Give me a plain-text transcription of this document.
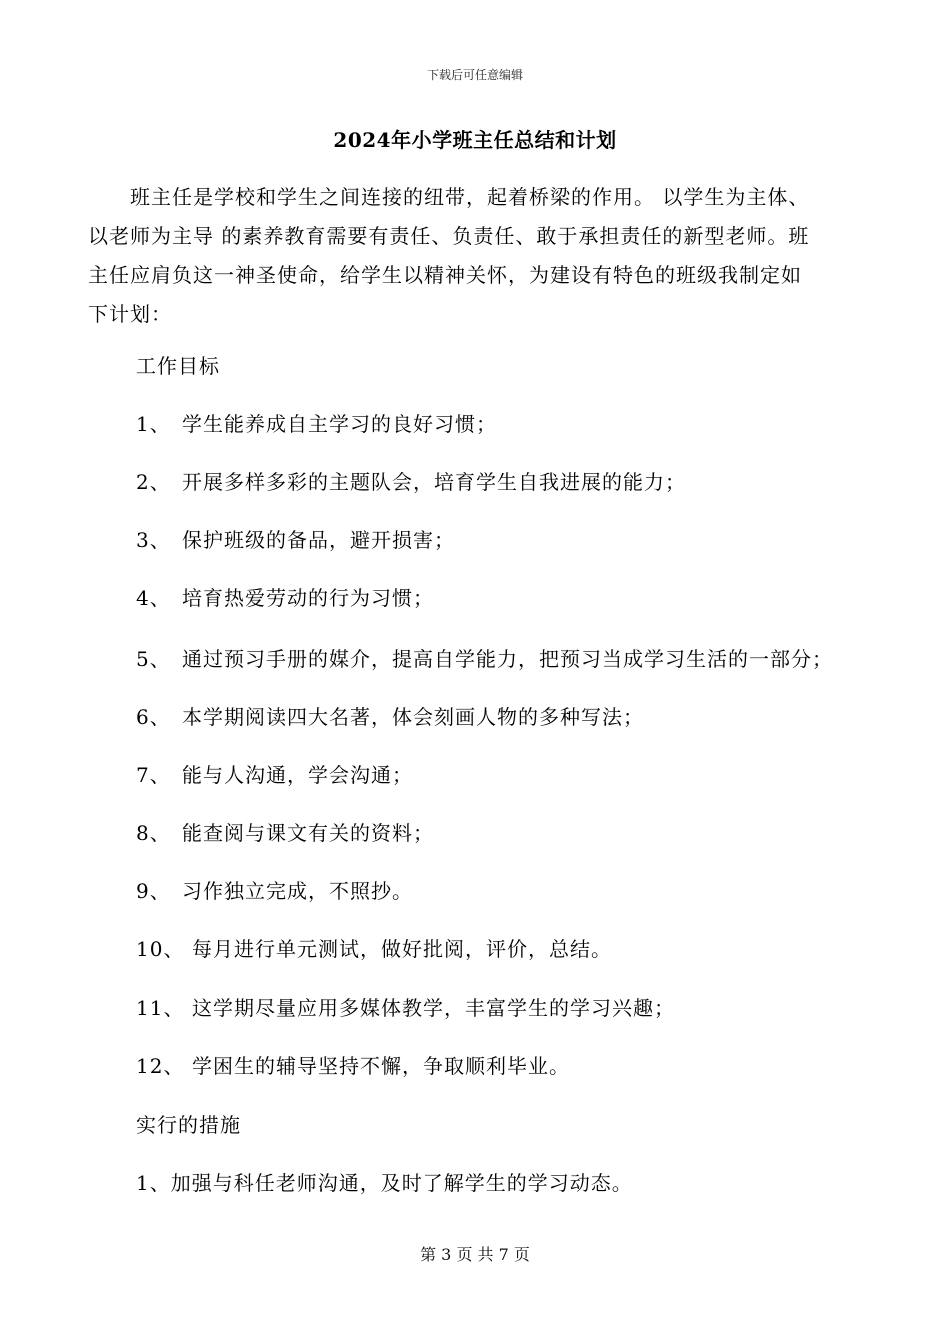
下载后可任意编辑
2024年小学班主任总结和计划
　　班主任是学校和学生之间连接的纽带，起着桥梁的作用。 以学生为主体、
以老师为主导 的素养教育需要有责任、负责任、敢于承担责任的新型老师。班
主任应肩负这一神圣使命，给学生以精神关怀，为建设有特色的班级我制定如
下计划：

工作目标

1、 学生能养成自主学习的良好习惯；

2、 开展多样多彩的主题队会，培育学生自我进展的能力；

3、 保护班级的备品，避开损害；

4、 培育热爱劳动的行为习惯；

5、 通过预习手册的媒介，提高自学能力，把预习当成学习生活的一部分；

6、 本学期阅读四大名著，体会刻画人物的多种写法；

7、 能与人沟通，学会沟通；

8、 能查阅与课文有关的资料；

9、 习作独立完成，不照抄。

10、 每月进行单元测试，做好批阅，评价，总结。

11、 这学期尽量应用多媒体教学，丰富学生的学习兴趣；

12、 学困生的辅导坚持不懈，争取顺利毕业。

实行的措施

1、加强与科任老师沟通，及时了解学生的学习动态。

第 3 页 共 7 页
